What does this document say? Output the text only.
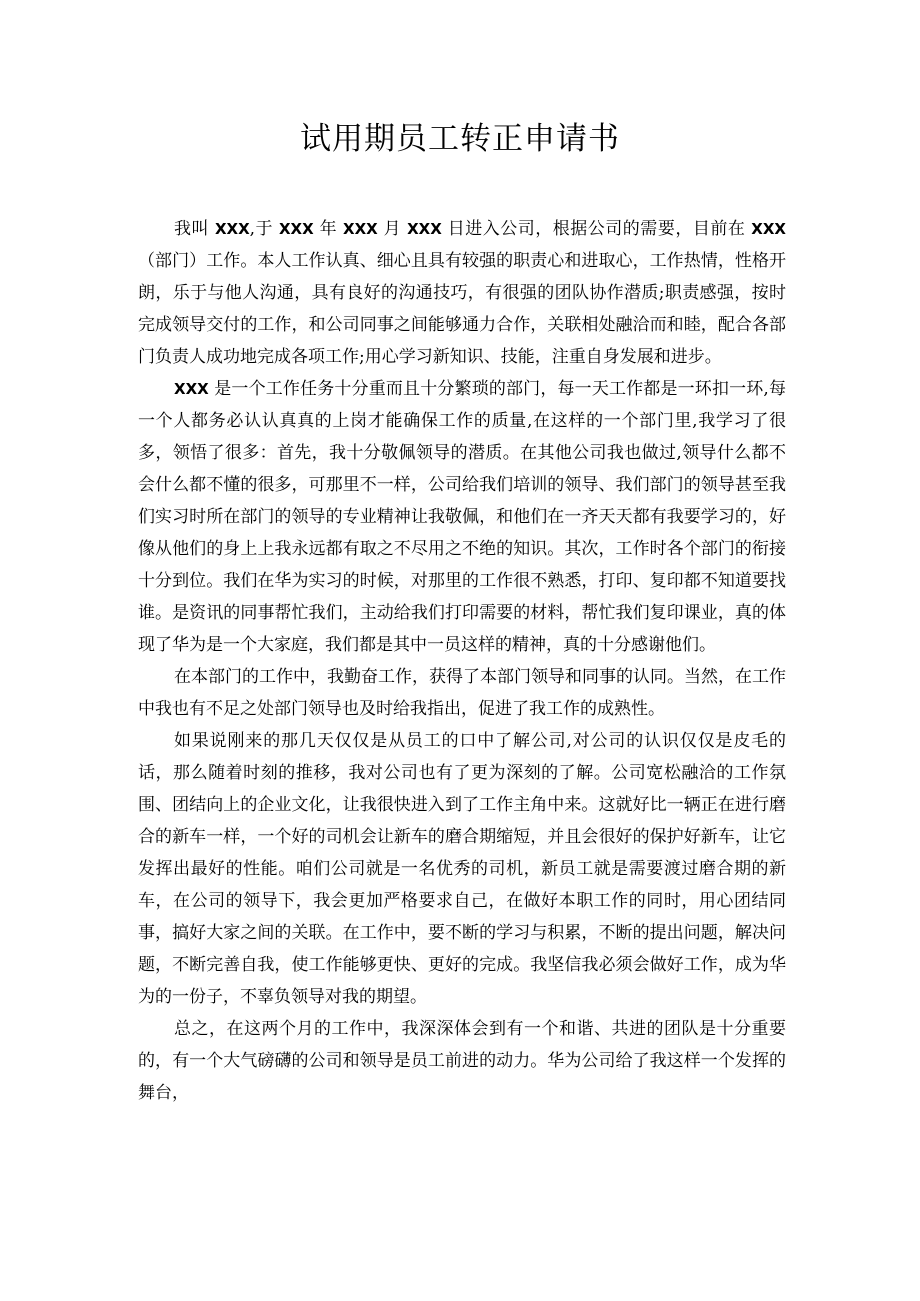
试用期员工转正申请书

我叫 XXX,于 XXX 年 XXX 月 XXX 日进入公司，根据公司的需要，目前在 XXX（部门）工作。本人工作认真、细心且具有较强的职责心和进取心，工作热情，性格开朗，乐于与他人沟通，具有良好的沟通技巧，有很强的团队协作潜质;职责感强，按时完成领导交付的工作，和公司同事之间能够通力合作，关联相处融洽而和睦，配合各部门负责人成功地完成各项工作;用心学习新知识、技能，注重自身发展和进步。

XXX 是一个工作任务十分重而且十分繁琐的部门，每一天工作都是一环扣一环,每一个人都务必认认真真的上岗才能确保工作的质量,在这样的一个部门里,我学习了很多，领悟了很多：首先，我十分敬佩领导的潜质。在其他公司我也做过,领导什么都不会什么都不懂的很多，可那里不一样，公司给我们培训的领导、我们部门的领导甚至我们实习时所在部门的领导的专业精神让我敬佩，和他们在一齐天天都有我要学习的，好像从他们的身上上我永远都有取之不尽用之不绝的知识。其次，工作时各个部门的衔接十分到位。我们在华为实习的时候，对那里的工作很不熟悉，打印、复印都不知道要找谁。是资讯的同事帮忙我们，主动给我们打印需要的材料，帮忙我们复印课业，真的体现了华为是一个大家庭，我们都是其中一员这样的精神，真的十分感谢他们。

在本部门的工作中，我勤奋工作，获得了本部门领导和同事的认同。当然，在工作中我也有不足之处部门领导也及时给我指出，促进了我工作的成熟性。

如果说刚来的那几天仅仅是从员工的口中了解公司,对公司的认识仅仅是皮毛的话，那么随着时刻的推移，我对公司也有了更为深刻的了解。公司宽松融洽的工作氛围、团结向上的企业文化，让我很快进入到了工作主角中来。这就好比一辆正在进行磨合的新车一样，一个好的司机会让新车的磨合期缩短，并且会很好的保护好新车，让它发挥出最好的性能。咱们公司就是一名优秀的司机，新员工就是需要渡过磨合期的新车，在公司的领导下，我会更加严格要求自己，在做好本职工作的同时，用心团结同事，搞好大家之间的关联。在工作中，要不断的学习与积累，不断的提出问题，解决问题，不断完善自我，使工作能够更快、更好的完成。我坚信我必须会做好工作，成为华为的一份子，不辜负领导对我的期望。

总之，在这两个月的工作中，我深深体会到有一个和谐、共进的团队是十分重要的，有一个大气磅礴的公司和领导是员工前进的动力。华为公司给了我这样一个发挥的舞台，
